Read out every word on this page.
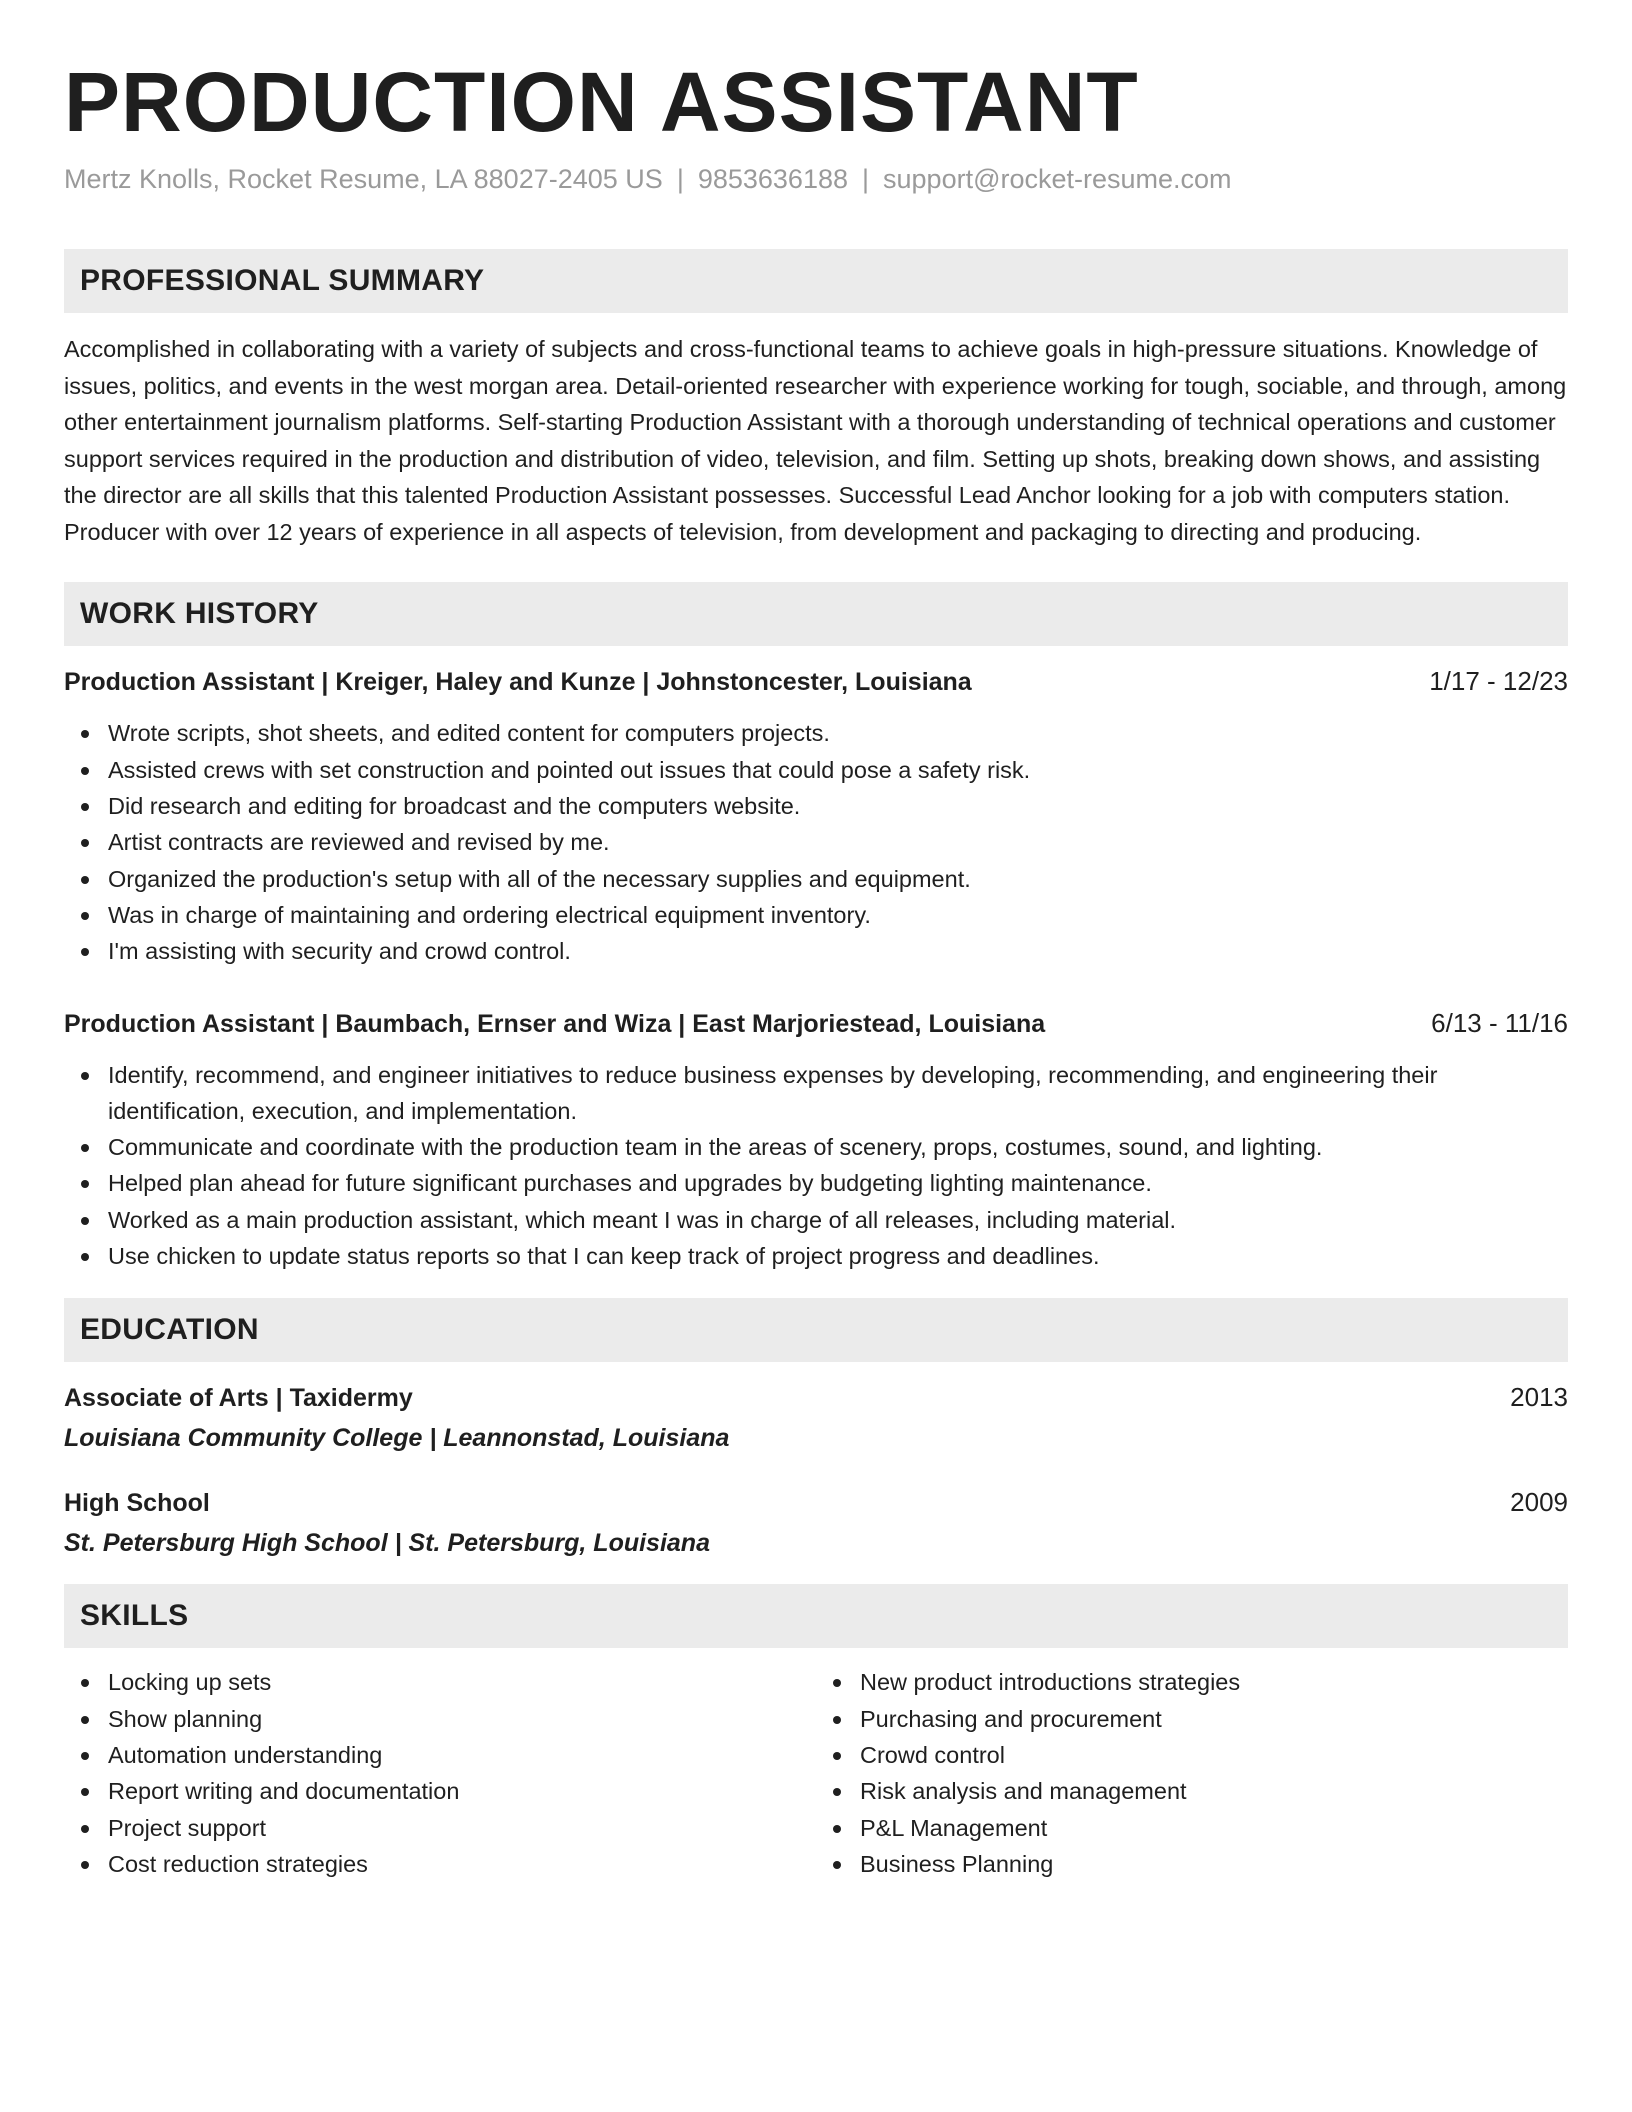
PRODUCTION ASSISTANT
Mertz Knolls, Rocket Resume, LA 88027-2405 US | 9853636188 | support@rocket-resume.com
PROFESSIONAL SUMMARY

Accomplished in collaborating with a variety of subjects and cross-functional teams to achieve goals in high-pressure situations. Knowledge of issues, politics, and events in the west morgan area. Detail-oriented researcher with experience working for tough, sociable, and through, among other entertainment journalism platforms. Self-starting Production Assistant with a thorough understanding of technical operations and customer support services required in the production and distribution of video, television, and film. Setting up shots, breaking down shows, and assisting the director are all skills that this talented Production Assistant possesses. Successful Lead Anchor looking for a job with computers station. Producer with over 12 years of experience in all aspects of television, from development and packaging to directing and producing.

WORK HISTORY
Production Assistant | Kreiger, Haley and Kunze | Johnstoncester, Louisiana	1/17 - 12/23
Wrote scripts, shot sheets, and edited content for computers projects.
Assisted crews with set construction and pointed out issues that could pose a safety risk.
Did research and editing for broadcast and the computers website.
Artist contracts are reviewed and revised by me.
Organized the production's setup with all of the necessary supplies and equipment.
Was in charge of maintaining and ordering electrical equipment inventory.
I'm assisting with security and crowd control.
Production Assistant | Baumbach, Ernser and Wiza | East Marjoriestead, Louisiana	6/13 - 11/16
Identify, recommend, and engineer initiatives to reduce business expenses by developing, recommending, and engineering their identification, execution, and implementation.
Communicate and coordinate with the production team in the areas of scenery, props, costumes, sound, and lighting.
Helped plan ahead for future significant purchases and upgrades by budgeting lighting maintenance.
Worked as a main production assistant, which meant I was in charge of all releases, including material.
Use chicken to update status reports so that I can keep track of project progress and deadlines.
EDUCATION
Associate of Arts | Taxidermy	2013
Louisiana Community College | Leannonstad, Louisiana
High School	2009
St. Petersburg High School | St. Petersburg, Louisiana
SKILLS
Locking up sets
Show planning
Automation understanding
Report writing and documentation
Project support
Cost reduction strategies
New product introductions strategies
Purchasing and procurement
Crowd control
Risk analysis and management
P&L Management
Business Planning
